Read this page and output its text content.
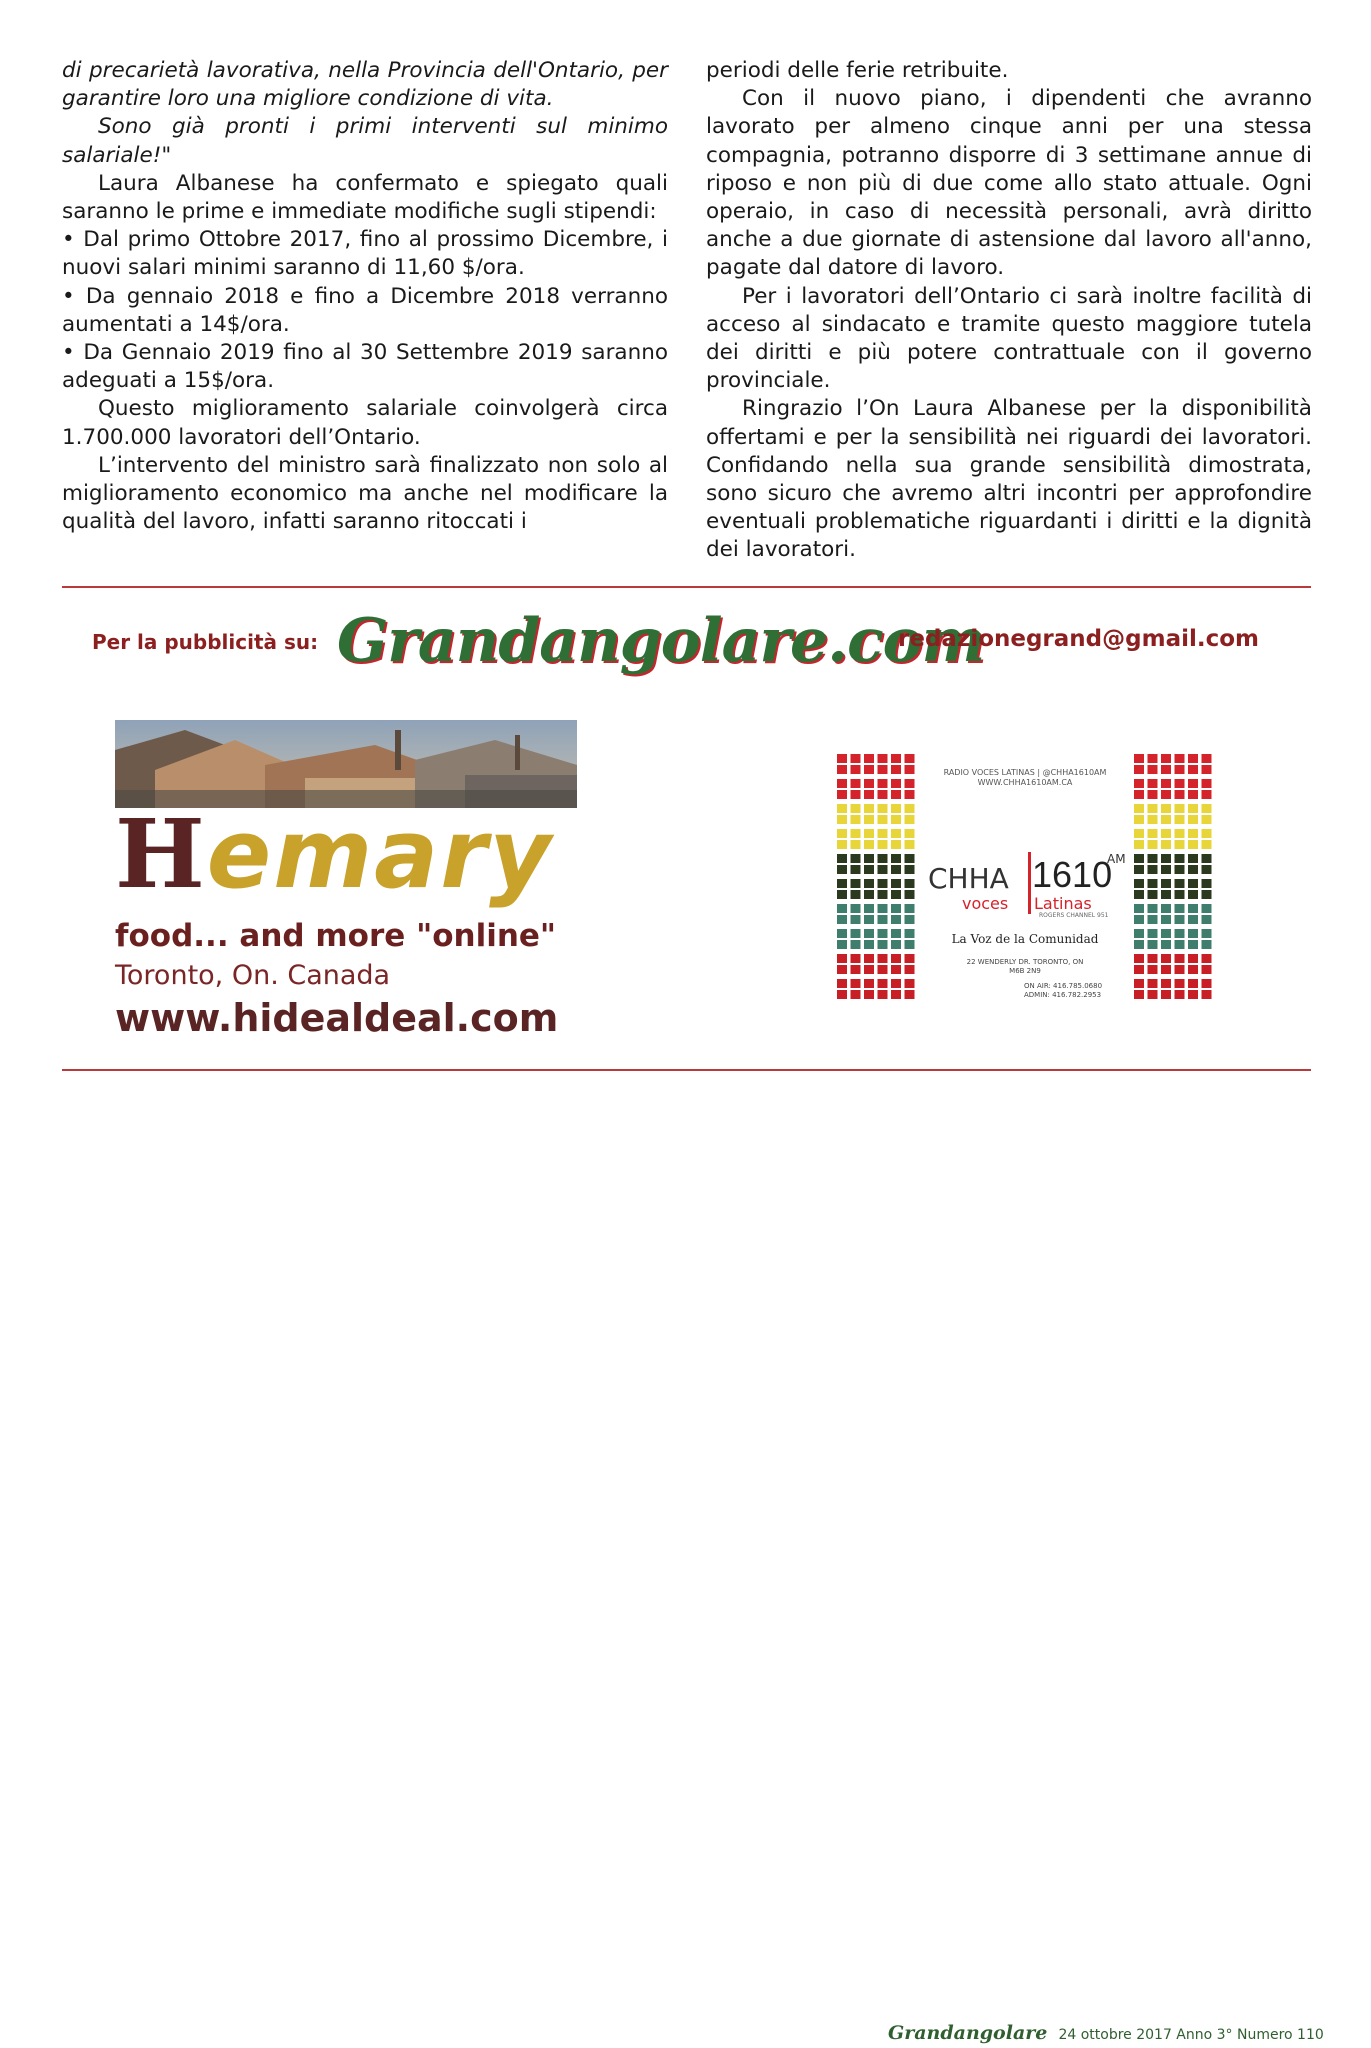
di precarietà lavorativa, nella Provincia dell'Ontario, per garantire loro una migliore condizione di vita.

Sono già pronti i primi interventi sul minimo salariale!"

Laura Albanese ha confermato e spiegato quali saranno le prime e immediate modifiche sugli stipendi:

• Dal primo Ottobre 2017, fino al prossimo Dicembre, i nuovi salari minimi saranno di 11,60 $/ora.

• Da gennaio 2018 e fino a Dicembre 2018 verranno aumentati a 14$/ora.

• Da Gennaio 2019 fino al 30 Settembre 2019 saranno adeguati a 15$/ora.

Questo miglioramento salariale coinvolgerà circa 1.700.000 lavoratori dell’Ontario.

L’intervento del ministro sarà finalizzato non solo al miglioramento economico ma anche nel modificare la qualità del lavoro, infatti saranno ritoccati i

periodi delle ferie retribuite.

Con il nuovo piano, i dipendenti che avranno lavorato per almeno cinque anni per una stessa compagnia, potranno disporre di 3 settimane annue di riposo e non più di due come allo stato attuale. Ogni operaio, in caso di necessità personali, avrà diritto anche a due giornate di astensione dal lavoro all'anno, pagate dal datore di lavoro.

Per i lavoratori dell’Ontario ci sarà inoltre facilità di acceso al sindacato e tramite questo maggiore tutela dei diritti e più potere contrattuale con il governo provinciale.

Ringrazio l’On Laura Albanese per la disponibilità offertami e per la sensibilità nei riguardi dei lavoratori. Confidando nella sua grande sensibilità dimostrata, sono sicuro che avremo altri incontri per approfondire eventuali problematiche riguardanti i diritti e la dignità dei lavoratori.

Per la pubblicità su: Grandangolare.com
redazionegrand@gmail.com
Hemary
food... and more "online"
Toronto, On. Canada
www.hidealdeal.com
RADIO VOCES LATINAS | @CHHA1610AM
WWW.CHHA1610AM.CA
CHHA 1610
AM
voces Latinas
ROGERS CHANNEL 951
La Voz de la Comunidad
22 WENDERLY DR. TORONTO, ON
M6B 2N9
ON AIR: 416.785.0680
ADMIN: 416.782.2953
Grandangolare 24 ottobre 2017 Anno 3° Numero 110
